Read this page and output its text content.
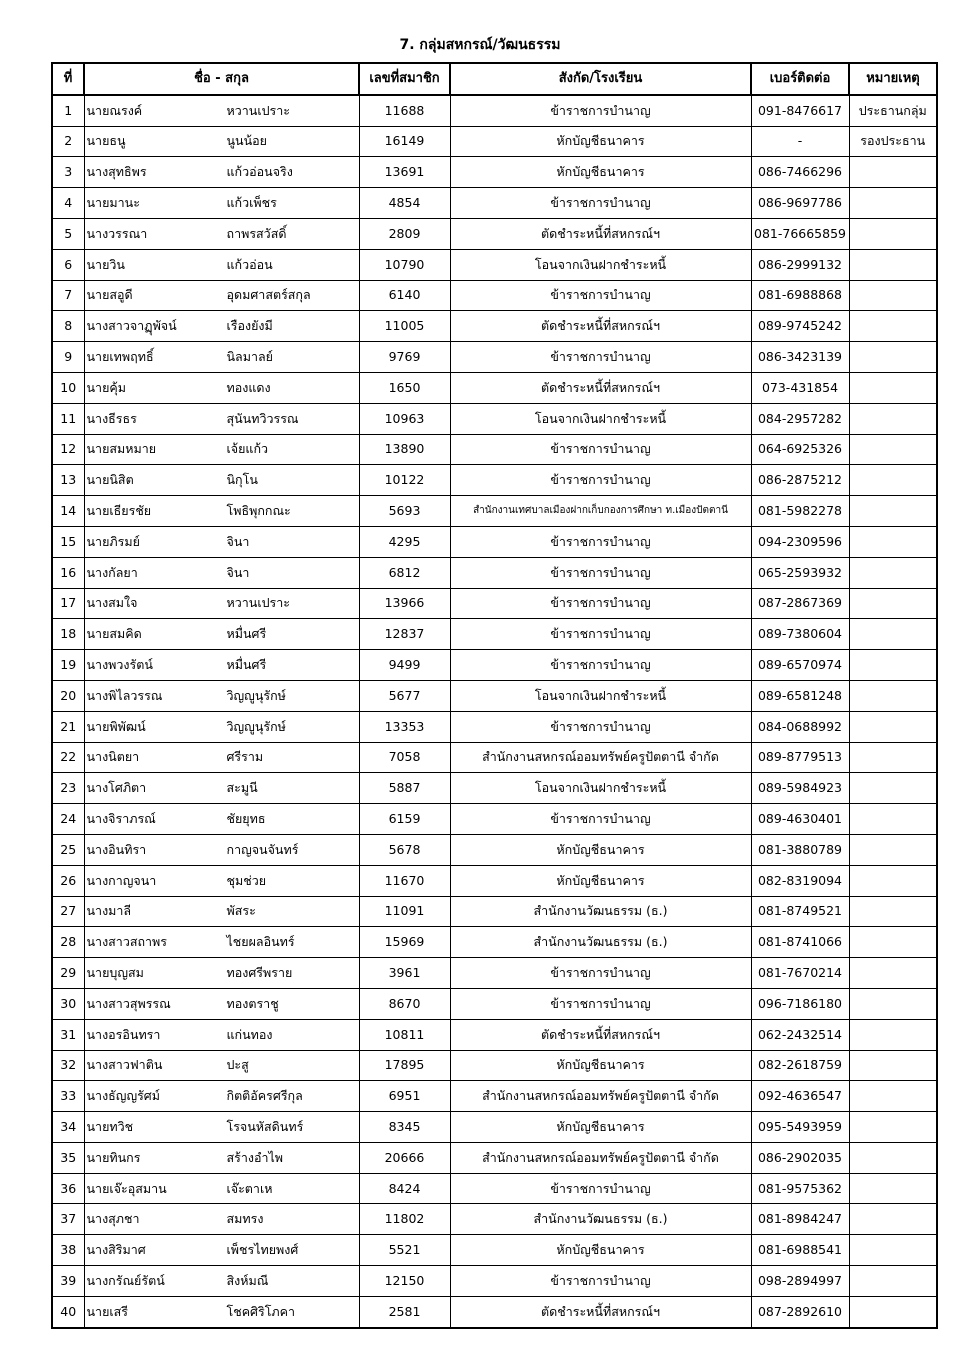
7. กลุ่มสหกรณ์/วัฒนธรรม
ที่	ชื่อ - สกุล	เลขที่สมาชิก	สังกัด/โรงเรียน	เบอร์ติดต่อ	หมายเหตุ
1	นายณรงค์ หวานเปราะ	11688	ข้าราชการบำนาญ	091-8476617	ประธานกลุ่ม
2	นายธนู นูนน้อย	16149	หักบัญชีธนาคาร	-	รองประธาน
3	นางสุทธิพร แก้วอ่อนจริง	13691	หักบัญชีธนาคาร	086-7466296	
4	นายมานะ แก้วเพ็ชร	4854	ข้าราชการบำนาญ	086-9697786	
5	นางวรรณา ถาพรสวัสดิ์	2809	ตัดชำระหนี้ที่สหกรณ์ฯ	081-76665859	
6	นายวิน แก้วอ่อน	10790	โอนจากเงินฝากชำระหนี้	086-2999132	
7	นายสอูดี อุดมศาสตร์สกุล	6140	ข้าราชการบำนาญ	081-6988868	
8	นางสาวจาฏุพัจน์ เรืองยังมี	11005	ตัดชำระหนี้ที่สหกรณ์ฯ	089-9745242	
9	นายเทพฤทธิ์ นิลมาลย์	9769	ข้าราชการบำนาญ	086-3423139	
10	นายคุ้ม ทองแดง	1650	ตัดชำระหนี้ที่สหกรณ์ฯ	073-431854	
11	นางธีรธร สุนันทวิวรรณ	10963	โอนจากเงินฝากชำระหนี้	084-2957282	
12	นายสมหมาย เจ้ยแก้ว	13890	ข้าราชการบำนาญ	064-6925326	
13	นายนิสิต นิกุโน	10122	ข้าราชการบำนาญ	086-2875212	
14	นายเธียรชัย โพธิพุกกณะ	5693	สำนักงานเทศบาลเมืองฝากเก็บกองการศึกษา ท.เมืองปัตตานี	081-5982278	
15	นายภิรมย์ จินา	4295	ข้าราชการบำนาญ	094-2309596	
16	นางกัลยา จินา	6812	ข้าราชการบำนาญ	065-2593932	
17	นางสมใจ หวานเปราะ	13966	ข้าราชการบำนาญ	087-2867369	
18	นายสมคิด หมื่นศรี	12837	ข้าราชการบำนาญ	089-7380604	
19	นางพวงรัตน์ หมื่นศรี	9499	ข้าราชการบำนาญ	089-6570974	
20	นางพิไลวรรณ วิญญูนุรักษ์	5677	โอนจากเงินฝากชำระหนี้	089-6581248	
21	นายพิพัฒน์ วิญญูนุรักษ์	13353	ข้าราชการบำนาญ	084-0688992	
22	นางนิตยา ศรีราม	7058	สำนักงานสหกรณ์ออมทรัพย์ครูปัตตานี จำกัด	089-8779513	
23	นางโศภิตา สะมูนี	5887	โอนจากเงินฝากชำระหนี้	089-5984923	
24	นางจิราภรณ์ ชัยยุทธ	6159	ข้าราชการบำนาญ	089-4630401	
25	นางอินทิรา กาญจนจันทร์	5678	หักบัญชีธนาคาร	081-3880789	
26	นางกาญจนา ชุมช่วย	11670	หักบัญชีธนาคาร	082-8319094	
27	นางมาลี พัสระ	11091	สำนักงานวัฒนธรรม (ธ.)	081-8749521	
28	นางสาวสถาพร ไชยผลอินทร์	15969	สำนักงานวัฒนธรรม (ธ.)	081-8741066	
29	นายบุญสม ทองศรีพราย	3961	ข้าราชการบำนาญ	081-7670214	
30	นางสาวสุพรรณ ทองตราชู	8670	ข้าราชการบำนาญ	096-7186180	
31	นางอรอินทรา แก่นทอง	10811	ตัดชำระหนี้ที่สหกรณ์ฯ	062-2432514	
32	นางสาวฟาติน ปะสู	17895	หักบัญชีธนาคาร	082-2618759	
33	นางธัญญรัศม์ กิตติอัครศรีกุล	6951	สำนักงานสหกรณ์ออมทรัพย์ครูปัตตานี จำกัด	092-4636547	
34	นายทวิช โรจนหัสดินทร์	8345	หักบัญชีธนาคาร	095-5493959	
35	นายทินกร สร้างอำไพ	20666	สำนักงานสหกรณ์ออมทรัพย์ครูปัตตานี จำกัด	086-2902035	
36	นายเจ๊ะอุสมาน เจ๊ะตาเห	8424	ข้าราชการบำนาญ	081-9575362	
37	นางสุภชา สมทรง	11802	สำนักงานวัฒนธรรม (ธ.)	081-8984247	
38	นางสิริมาศ เพ็ชรไทยพงศ์	5521	หักบัญชีธนาคาร	081-6988541	
39	นางกรัณย์รัตน์ สิงห์มณี	12150	ข้าราชการบำนาญ	098-2894997	
40	นายเสรี โชคศิริโภคา	2581	ตัดชำระหนี้ที่สหกรณ์ฯ	087-2892610	
